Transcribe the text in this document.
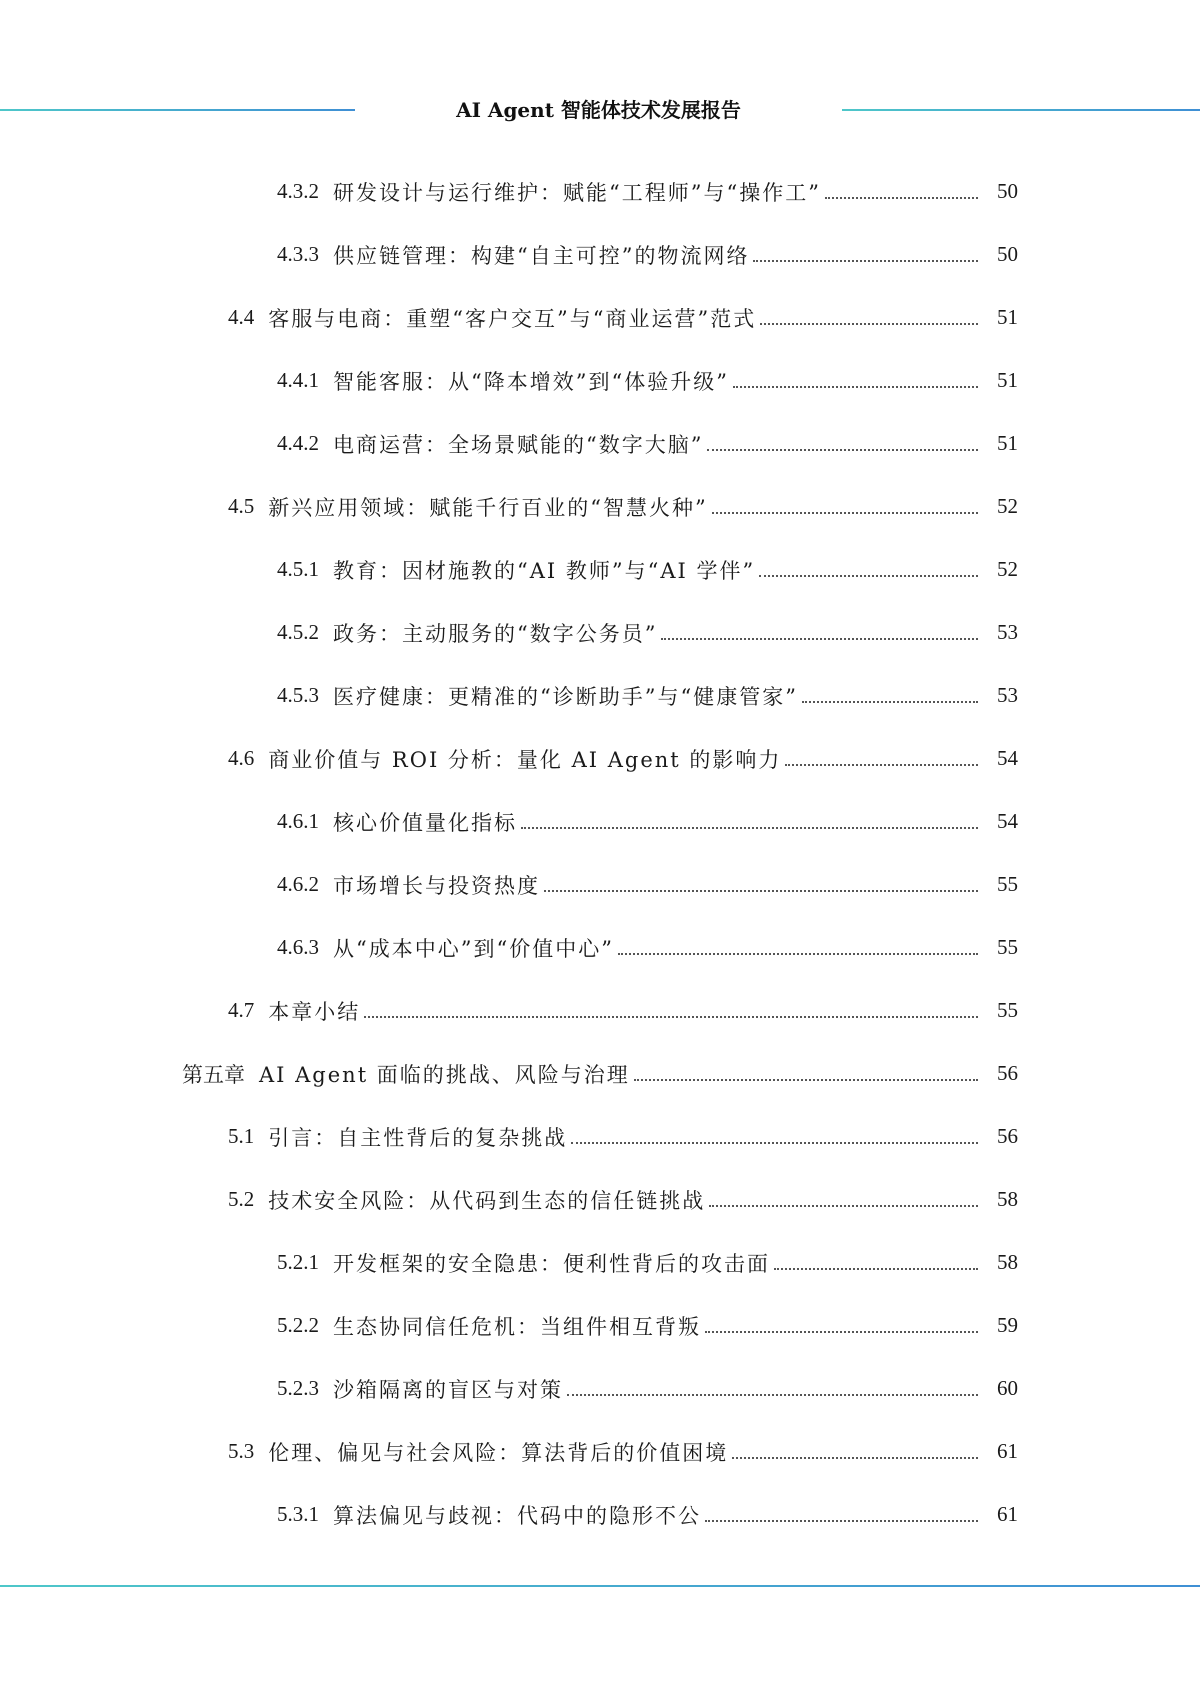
AI Agent 智能体技术发展报告
4.3.2 研发设计与运行维护：赋能“工程师”与“操作工”	50
4.3.3 供应链管理：构建“自主可控”的物流网络	50
4.4 客服与电商：重塑“客户交互”与“商业运营”范式	51
4.4.1 智能客服：从“降本增效”到“体验升级”	51
4.4.2 电商运营：全场景赋能的“数字大脑”	51
4.5 新兴应用领域：赋能千行百业的“智慧火种”	52
4.5.1 教育：因材施教的“AI 教师”与“AI 学伴”	52
4.5.2 政务：主动服务的“数字公务员”	53
4.5.3 医疗健康：更精准的“诊断助手”与“健康管家”	53
4.6 商业价值与 ROI 分析：量化 AI Agent 的影响力	54
4.6.1 核心价值量化指标	54
4.6.2 市场增长与投资热度	55
4.6.3 从“成本中心”到“价值中心”	55
4.7 本章小结	55
第五章 AI Agent 面临的挑战、风险与治理	56
5.1 引言：自主性背后的复杂挑战	56
5.2 技术安全风险：从代码到生态的信任链挑战	58
5.2.1 开发框架的安全隐患：便利性背后的攻击面	58
5.2.2 生态协同信任危机：当组件相互背叛	59
5.2.3 沙箱隔离的盲区与对策	60
5.3 伦理、偏见与社会风险：算法背后的价值困境	61
5.3.1 算法偏见与歧视：代码中的隐形不公	61
